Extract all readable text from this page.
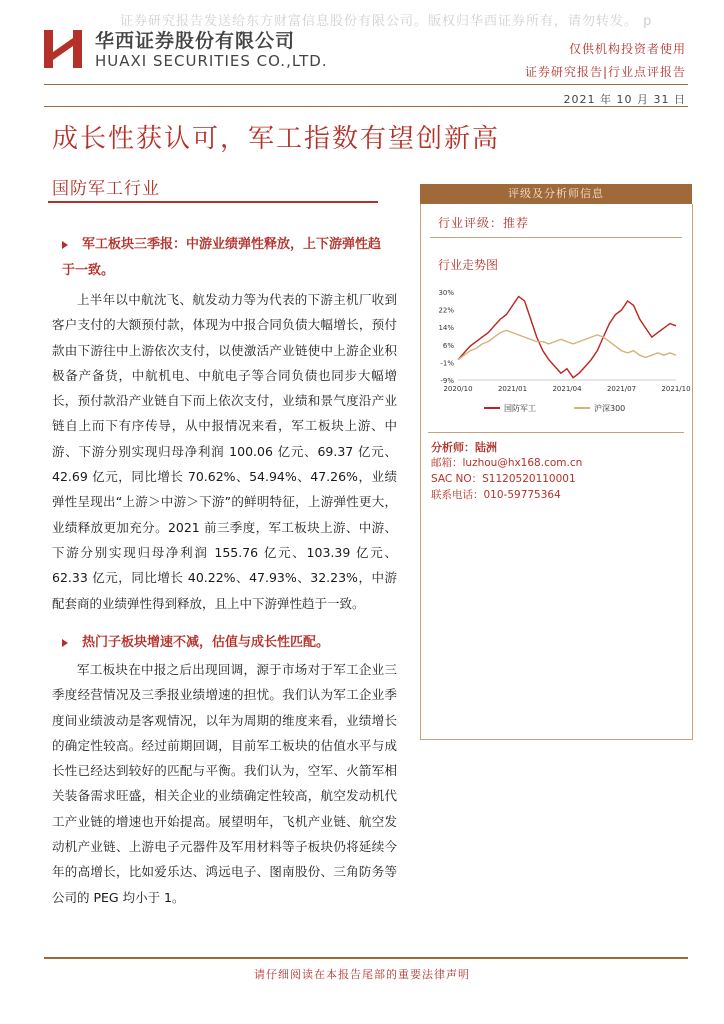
证券研究报告发送给东方财富信息股份有限公司。版权归华西证券所有，请勿转发。 p
华西证券股份有限公司
HUAXI SECURITIES CO.,LTD.
仅供机构投资者使用
证券研究报告|行业点评报告
2021 年 10 月 31 日
成长性获认可，军工指数有望创新高
国防军工行业
军工板块三季报：中游业绩弹性释放，上下游弹性趋于一致。
上半年以中航沈飞、航发动力等为代表的下游主机厂收到客户支付的大额预付款，体现为中报合同负债大幅增长，预付款由下游往中上游依次支付，以使激活产业链使中上游企业积极备产备货，中航机电、中航电子等合同负债也同步大幅增长，预付款沿产业链自下而上依次支付，业绩和景气度沿产业链自上而下有序传导，从中报情况来看，军工板块上游、中游、下游分别实现归母净利润 100.06 亿元、69.37 亿元、42.69 亿元，同比增长 70.62%、54.94%、47.26%，业绩弹性呈现出“上游＞中游＞下游”的鲜明特征，上游弹性更大，业绩释放更加充分。2021 前三季度，军工板块上游、中游、下游分别实现归母净利润 155.76 亿元、103.39 亿元、62.33 亿元，同比增长 40.22%、47.93%、32.23%，中游配套商的业绩弹性得到释放，且上中下游弹性趋于一致。
热门子板块增速不减，估值与成长性匹配。
军工板块在中报之后出现回调，源于市场对于军工企业三季度经营情况及三季报业绩增速的担忧。我们认为军工企业季度间业绩波动是客观情况，以年为周期的维度来看，业绩增长的确定性较高。经过前期回调，目前军工板块的估值水平与成长性已经达到较好的匹配与平衡。我们认为，空军、火箭军相关装备需求旺盛，相关企业的业绩确定性较高，航空发动机代工产业链的增速也开始提高。展望明年，飞机产业链、航空发动机产业链、上游电子元器件及军用材料等子板块仍将延续今年的高增长，比如爱乐达、鸿远电子、图南股份、三角防务等公司的 PEG 均小于 1。
评级及分析师信息
行业评级：推荐
行业走势图
30%
22%
14%
6%
-1%
-9%
2020/10	2021/01	2021/04	2021/07	2021/10
国防军工	沪深300
分析师：陆洲
邮箱：luzhou@hx168.com.cn
SAC NO：S1120520110001
联系电话：010-59775364
请仔细阅读在本报告尾部的重要法律声明
